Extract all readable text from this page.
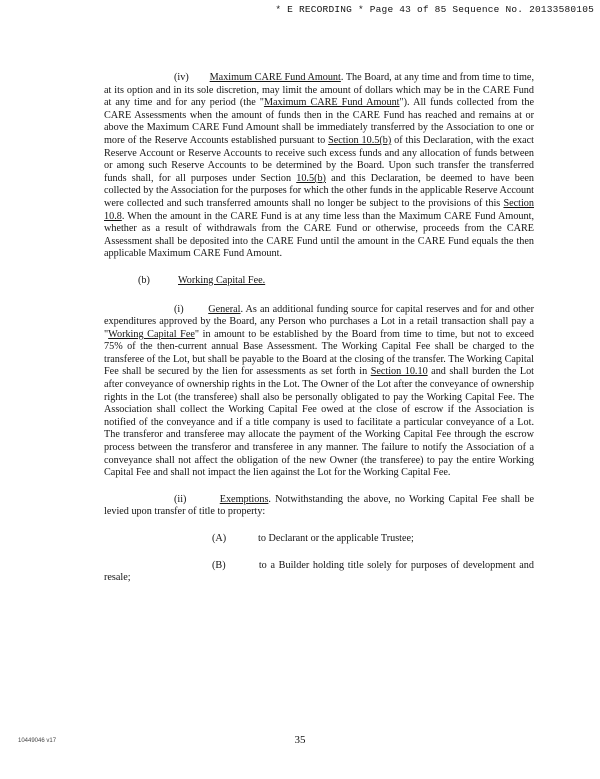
* E RECORDING * Page 43 of 85 Sequence No. 20133580105

(iv) Maximum CARE Fund Amount. The Board, at any time and from time to time, at its option and in its sole discretion, may limit the amount of dollars which may be in the CARE Fund at any time and for any period (the "Maximum CARE Fund Amount"). All funds collected from the CARE Assessments when the amount of funds then in the CARE Fund has reached and remains at or above the Maximum CARE Fund Amount shall be immediately transferred by the Association to one or more of the Reserve Accounts established pursuant to Section 10.5(b) of this Declaration, with the exact Reserve Account or Reserve Accounts to receive such excess funds and any allocation of funds between or among such Reserve Accounts to be determined by the Board. Upon such transfer the transferred funds shall, for all purposes under Section 10.5(b) and this Declaration, be deemed to have been collected by the Association for the purposes for which the other funds in the applicable Reserve Account were collected and such transferred amounts shall no longer be subject to the provisions of this Section 10.8. When the amount in the CARE Fund is at any time less than the Maximum CARE Fund Amount, whether as a result of withdrawals from the CARE Fund or otherwise, proceeds from the CARE Assessment shall be deposited into the CARE Fund until the amount in the CARE Fund equals the then applicable Maximum CARE Fund Amount.

(b)	Working Capital Fee.

(i) General. As an additional funding source for capital reserves and for and other expenditures approved by the Board, any Person who purchases a Lot in a retail transaction shall pay a "Working Capital Fee" in amount to be established by the Board from time to time, but not to exceed 75% of the then-current annual Base Assessment. The Working Capital Fee shall be charged to the transferee of the Lot, but shall be payable to the Board at the closing of the transfer. The Working Capital Fee shall be secured by the lien for assessments as set forth in Section 10.10 and shall burden the Lot after conveyance of ownership rights in the Lot. The Owner of the Lot after the conveyance of ownership rights in the Lot (the transferee) shall also be personally obligated to pay the Working Capital Fee. The Association shall collect the Working Capital Fee owed at the close of escrow if the Association is notified of the conveyance and if a title company is used to facilitate a particular conveyance of a Lot. The transferor and transferee may allocate the payment of the Working Capital Fee through the escrow process between the transferor and transferee in any manner. The failure to notify the Association of a conveyance shall not affect the obligation of the new Owner (the transferee) to pay the entire Working Capital Fee and shall not impact the lien against the Lot for the Working Capital Fee.

(ii)	Exemptions. Notwithstanding the above, no Working Capital Fee shall be levied upon transfer of title to property:

(A)	to Declarant or the applicable Trustee;

(B)	to a Builder holding title solely for purposes of development and resale;

10449046 v17	35
